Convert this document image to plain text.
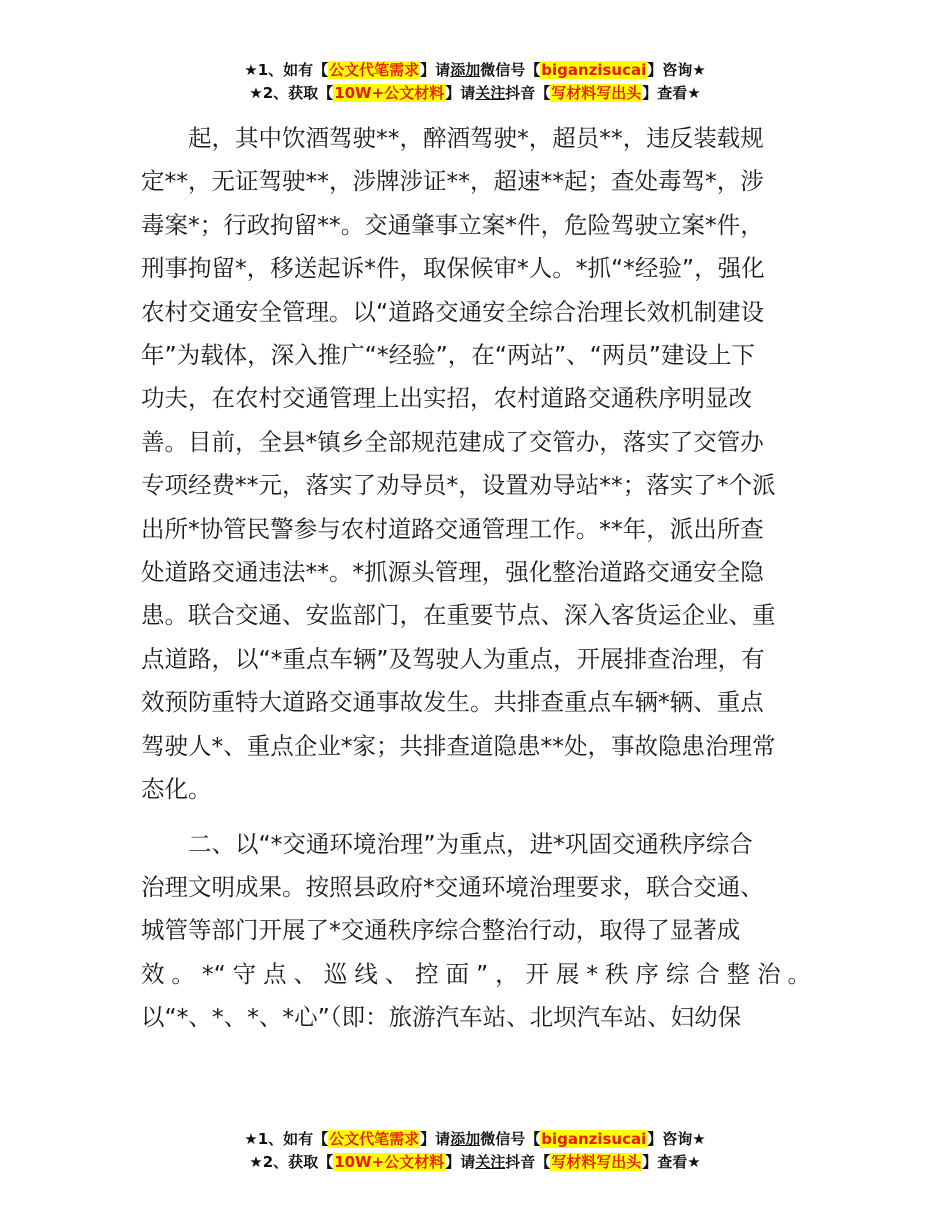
★1、如有【公文代笔需求】请添加微信号【biganzisucai】咨询★
★2、获取【10W+公文材料】请关注抖音【写材料写出头】查看★

起，其中饮酒驾驶**，醉酒驾驶*，超员**，违反装载规
定**，无证驾驶**，涉牌涉证**，超速**起；查处毒驾*，涉
毒案*；行政拘留**。交通肇事立案*件，危险驾驶立案*件，
刑事拘留*，移送起诉*件，取保候审*人。*抓“*经验”，强化
农村交通安全管理。以“道路交通安全综合治理长效机制建设
年”为载体，深入推广“*经验”，在“两站”、“两员”建设上下
功夫，在农村交通管理上出实招，农村道路交通秩序明显改
善。目前，全县*镇乡全部规范建成了交管办，落实了交管办
专项经费**元，落实了劝导员*，设置劝导站**；落实了*个派
出所*协管民警参与农村道路交通管理工作。**年，派出所查
处道路交通违法**。*抓源头管理，强化整治道路交通安全隐
患。联合交通、安监部门，在重要节点、深入客货运企业、重
点道路，以“*重点车辆”及驾驶人为重点，开展排查治理，有
效预防重特大道路交通事故发生。共排查重点车辆*辆、重点
驾驶人*、重点企业*家；共排查道隐患**处，事故隐患治理常
态化。

二、以“*交通环境治理”为重点，进*巩固交通秩序综合
治理文明成果。按照县政府*交通环境治理要求，联合交通、
城管等部门开展了*交通秩序综合整治行动，取得了显著成
效。*“守点、巡线、控面”，开展*秩序综合整治。
以“*、*、*、*心”（即：旅游汽车站、北坝汽车站、妇幼保

★1、如有【公文代笔需求】请添加微信号【biganzisucai】咨询★
★2、获取【10W+公文材料】请关注抖音【写材料写出头】查看★
